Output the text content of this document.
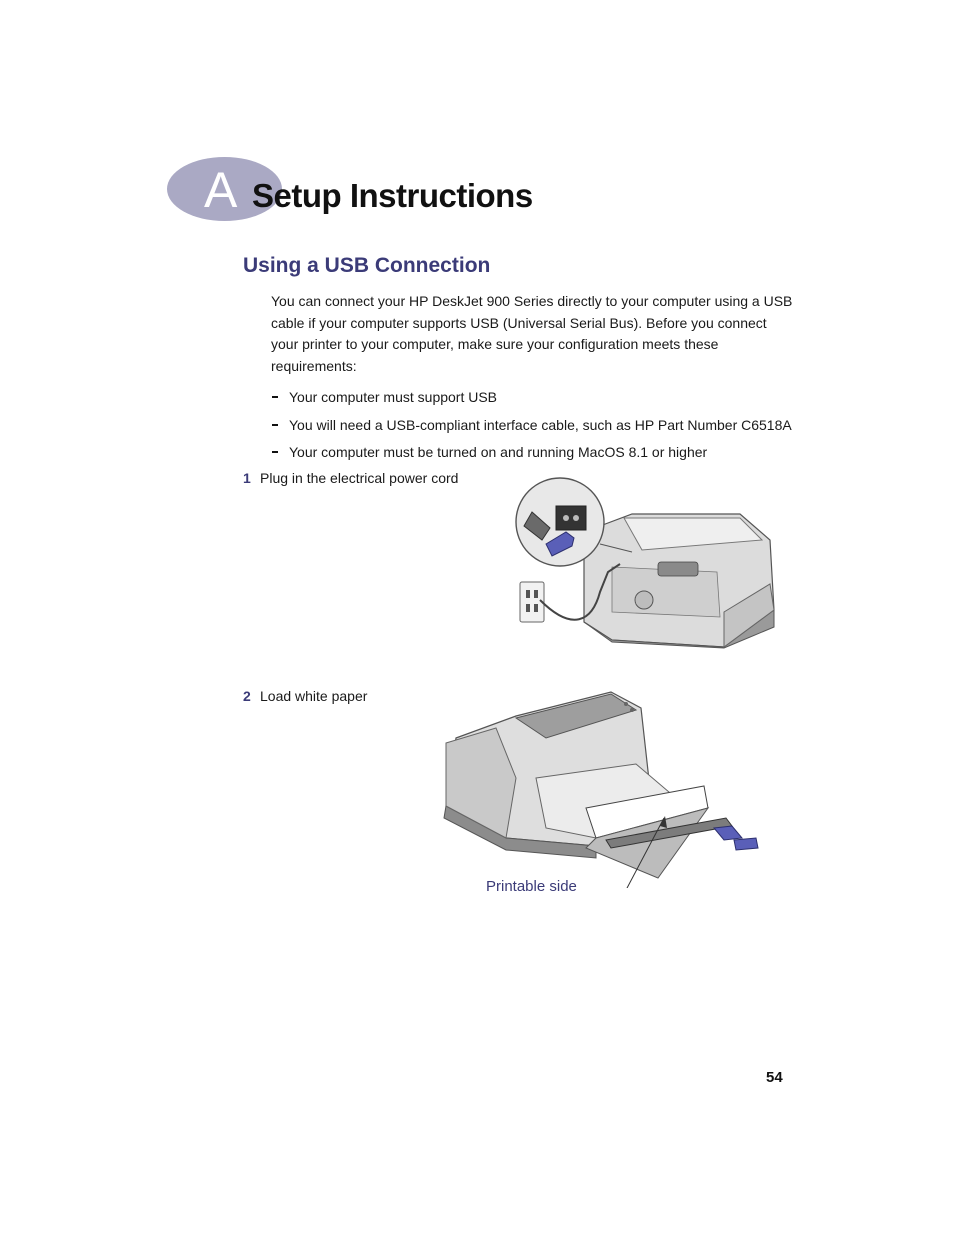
A Setup Instructions
Using a USB Connection

You can connect your HP DeskJet 900 Series directly to your computer using a USB cable if your computer supports USB (Universal Serial Bus). Before you connect your printer to your computer, make sure your configuration meets these requirements:

Your computer must support USB
You will need a USB-compliant interface cable, such as HP Part Number C6518A
Your computer must be turned on and running MacOS 8.1 or higher
1 Plug in the electrical power cord
2 Load white paper
Printable side
54
